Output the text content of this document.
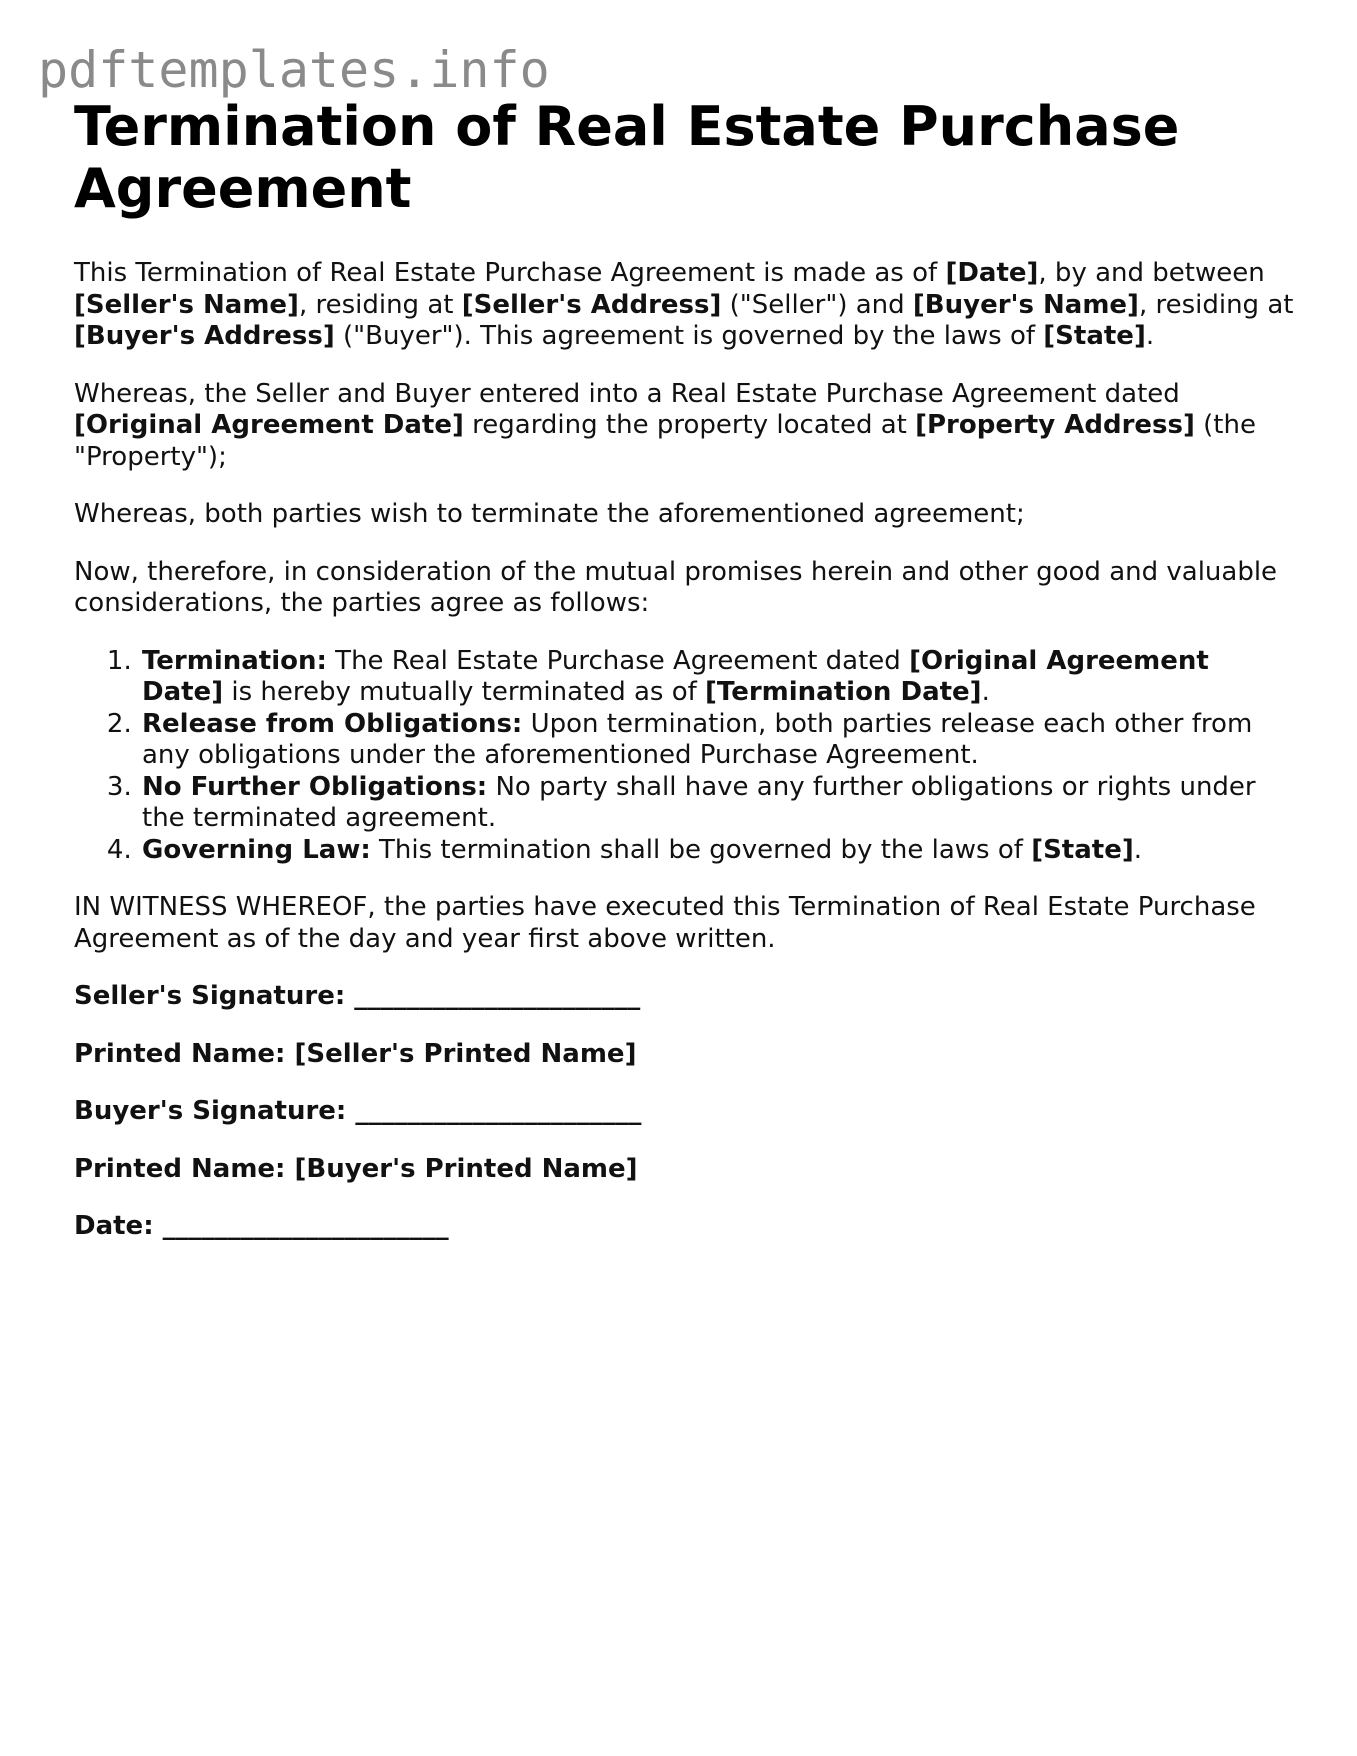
pdftemplates.info
Termination of Real Estate Purchase Agreement

This Termination of Real Estate Purchase Agreement is made as of [Date], by and between [Seller's Name], residing at [Seller's Address] ("Seller") and [Buyer's Name], residing at [Buyer's Address] ("Buyer"). This agreement is governed by the laws of [State].

Whereas, the Seller and Buyer entered into a Real Estate Purchase Agreement dated [Original Agreement Date] regarding the property located at [Property Address] (the "Property");

Whereas, both parties wish to terminate the aforementioned agreement;

Now, therefore, in consideration of the mutual promises herein and other good and valuable considerations, the parties agree as follows:

1. Termination: The Real Estate Purchase Agreement dated [Original Agreement Date] is hereby mutually terminated as of [Termination Date].
2. Release from Obligations: Upon termination, both parties release each other from any obligations under the aforementioned Purchase Agreement.
3. No Further Obligations: No party shall have any further obligations or rights under the terminated agreement.
4. Governing Law: This termination shall be governed by the laws of [State].

IN WITNESS WHEREOF, the parties have executed this Termination of Real Estate Purchase Agreement as of the day and year first above written.

Seller's Signature: ______________________

Printed Name: [Seller's Printed Name]

Buyer's Signature: ______________________

Printed Name: [Buyer's Printed Name]

Date: ______________________
